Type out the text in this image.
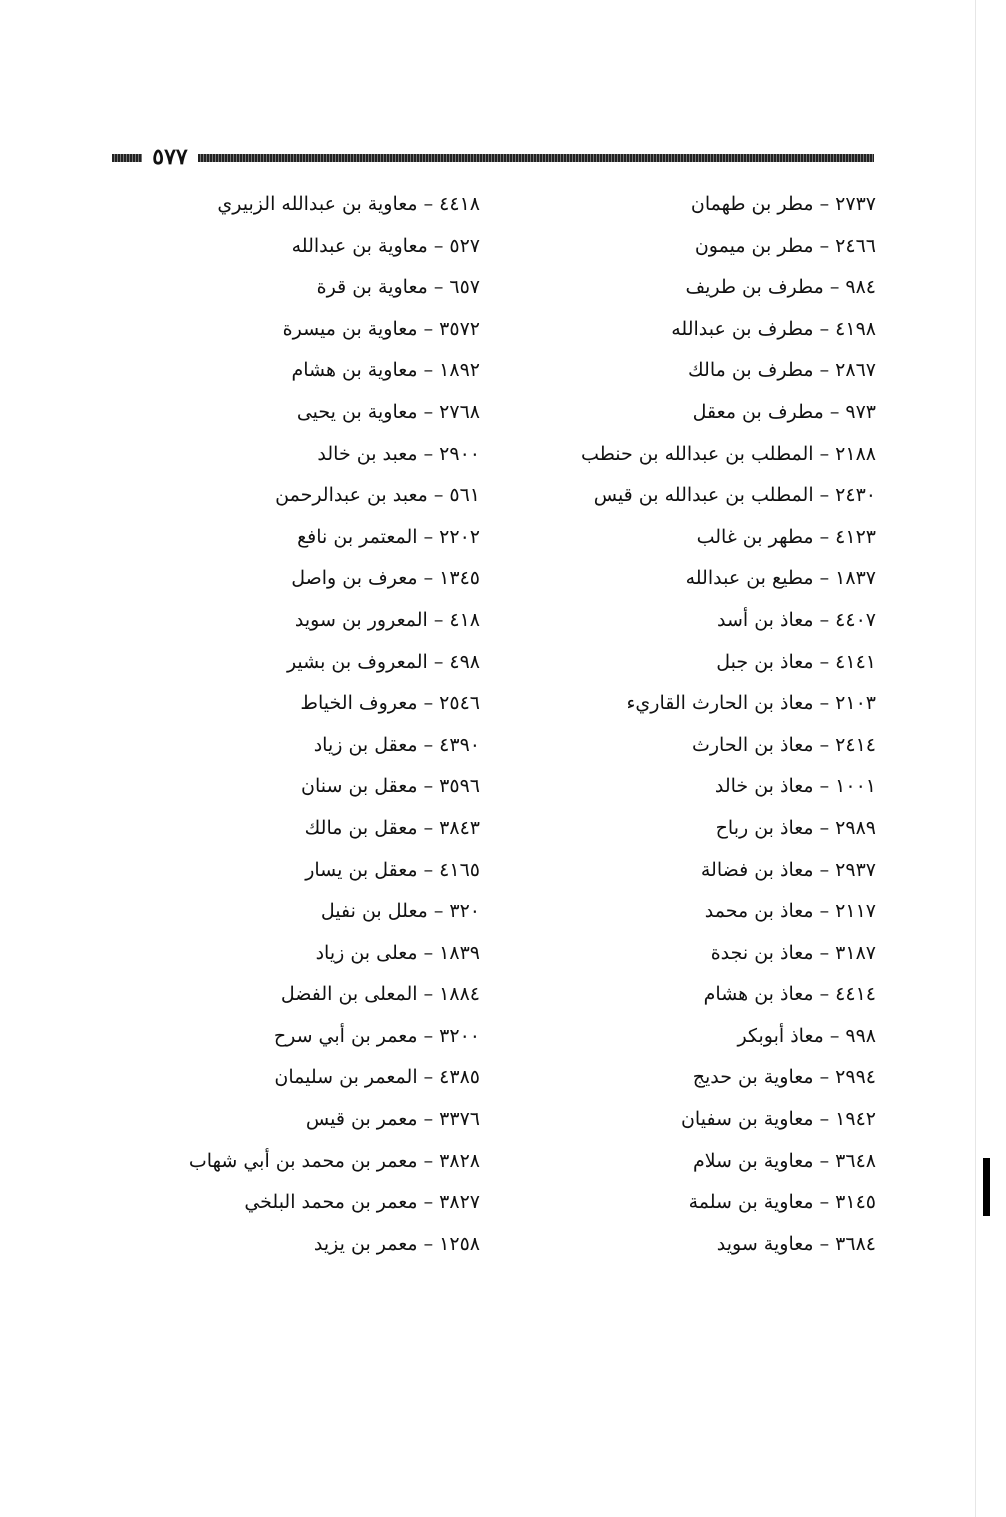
٥٧٧
٢٧٣٧ – مطر بن طهمان
٢٤٦٦ – مطر بن ميمون
٩٨٤ – مطرف بن طريف
٤١٩٨ – مطرف بن عبدالله
٢٨٦٧ – مطرف بن مالك
٩٧٣ – مطرف بن معقل
٢١٨٨ – المطلب بن عبدالله بن حنطب
٢٤٣٠ – المطلب بن عبدالله بن قيس
٤١٢٣ – مطهر بن غالب
١٨٣٧ – مطيع بن عبدالله
٤٤٠٧ – معاذ بن أسد
٤١٤١ – معاذ بن جبل
٢١٠٣ – معاذ بن الحارث القاريء
٢٤١٤ – معاذ بن الحارث
١٠٠١ – معاذ بن خالد
٢٩٨٩ – معاذ بن رباح
٢٩٣٧ – معاذ بن فضالة
٢١١٧ – معاذ بن محمد
٣١٨٧ – معاذ بن نجدة
٤٤١٤ – معاذ بن هشام
٩٩٨ – معاذ أبوبكر
٢٩٩٤ – معاوية بن حديج
١٩٤٢ – معاوية بن سفيان
٣٦٤٨ – معاوية بن سلام
٣١٤٥ – معاوية بن سلمة
٣٦٨٤ – معاوية سويد
٤٤١٨ – معاوية بن عبدالله الزبيري
٥٢٧ – معاوية بن عبدالله
٦٥٧ – معاوية بن قرة
٣٥٧٢ – معاوية بن ميسرة
١٨٩٢ – معاوية بن هشام
٢٧٦٨ – معاوية بن يحيى
٢٩٠٠ – معبد بن خالد
٥٦١ – معبد بن عبدالرحمن
٢٢٠٢ – المعتمر بن نافع
١٣٤٥ – معرف بن واصل
٤١٨ – المعرور بن سويد
٤٩٨ – المعروف بن بشير
٢٥٤٦ – معروف الخياط
٤٣٩٠ – معقل بن زياد
٣٥٩٦ – معقل بن سنان
٣٨٤٣ – معقل بن مالك
٤١٦٥ – معقل بن يسار
٣٢٠ – معلل بن نفيل
١٨٣٩ – معلى بن زياد
١٨٨٤ – المعلى بن الفضل
٣٢٠٠ – معمر بن أبي سرح
٤٣٨٥ – المعمر بن سليمان
٣٣٧٦ – معمر بن قيس
٣٨٢٨ – معمر بن محمد بن أبي شهاب
٣٨٢٧ – معمر بن محمد البلخي
١٢٥٨ – معمر بن يزيد
